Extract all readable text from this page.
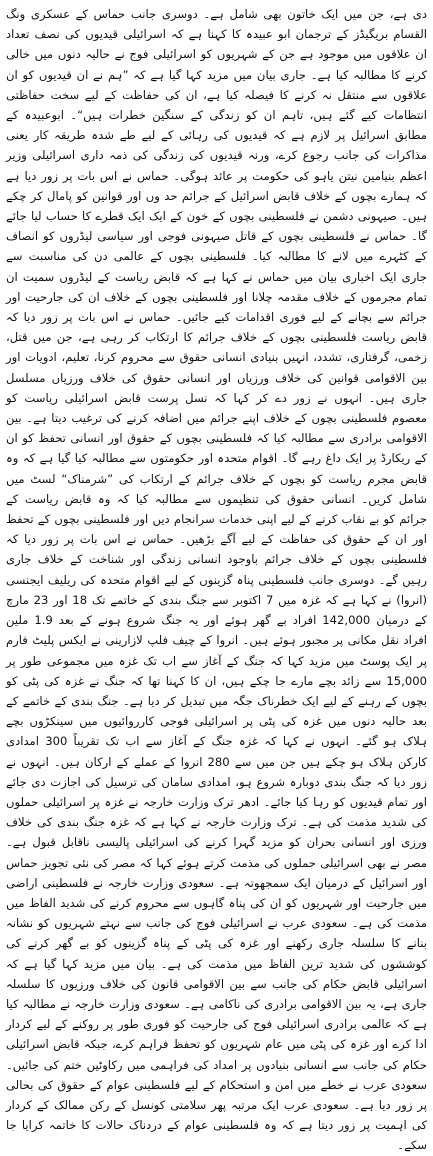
دی ہے، جن میں ایک خاتون بھی شامل ہے۔ دوسری جانب حماس کے عسکری ونگ القسام بریگیڈز کے ترجمان ابو عبیدہ کا کہنا ہے کہ اسرائیلی قیدیوں کی نصف تعداد ان علاقوں میں موجود ہے جن کے شہریوں کو اسرائیلی فوج نے حالیہ دنوں میں خالی کرنے کا مطالبہ کیا ہے۔ جاری بیان میں مزید کہا گیا ہے کہ ”ہم نے ان قیدیوں کو ان علاقوں سے منتقل نہ کرنے کا فیصلہ کیا ہے، ان کی حفاظت کے لیے سخت حفاظتی انتظامات کیے گئے ہیں، تاہم ان کو زندگی کے سنگین خطرات ہیں“۔ ابوعبیدہ کے مطابق اسرائیل پر لازم ہے کہ قیدیوں کی رہائی کے لیے طے شدہ طریقہ کار یعنی مذاکرات کی جانب رجوع کرے، ورنہ قیدیوں کی زندگی کی ذمہ داری اسرائیلی وزیر اعظم بنیامین نیتن یاہو کی حکومت پر عائد ہوگی۔ حماس نے اس بات پر زور دیا ہے کہ ہمارے بچوں کے خلاف قابض اسرائیل کے جرائم حد وں اور قوانین کو پامال کر چکے ہیں۔ صیہونی دشمن نے فلسطینی بچوں کے خون کے ایک ایک قطرے کا حساب لیا جائے گا۔ حماس نے فلسطینی بچوں کے قاتل صیہونی فوجی اور سیاسی لیڈروں کو انصاف کے کٹہرے میں لانے کا مطالبہ کیا۔ فلسطینی بچوں کے عالمی دن کی مناسبت سے جاری ایک اخباری بیان میں حماس نے کہا ہے کہ قابض ریاست کے لیڈروں سمیت ان تمام مجرموں کے خلاف مقدمہ چلانا اور فلسطینی بچوں کے خلاف ان کی جارحیت اور جرائم سے بچانے کے لیے فوری اقدامات کیے جائیں۔ حماس نے اس بات پر زور دیا کہ قابض ریاست فلسطینی بچوں کے خلاف جرائم کا ارتکاب کر رہی ہے، جن میں قتل، زخمی، گرفتاری، تشدد، انہیں بنیادی انسانی حقوق سے محروم کرنا، تعلیم، ادویات اور بین الاقوامی قوانین کی خلاف ورزیاں اور انسانی حقوق کی خلاف ورزیاں مسلسل جاری ہیں۔ انہوں نے زور دے کر کہا کہ نسل پرست قابض اسرائیلی ریاست کو معصوم فلسطینی بچوں کے خلاف اپنے جرائم میں اضافہ کرنے کی ترغیب دیتا ہے۔ بین الاقوامی برادری سے مطالبہ کیا کہ فلسطینی بچوں کے حقوق اور انسانی تحفظ کو ان کے ریکارڈ پر ایک داغ رہے گا۔ اقوام متحدہ اور حکومتوں سے مطالبہ کیا گیا ہے کہ وہ قابض مجرم ریاست کو بچوں کے خلاف جرائم کے ارتکاب کی ”شرمناک“ لسٹ میں شامل کریں۔ انسانی حقوق کی تنظیموں سے مطالبہ کیا کہ وہ قابض ریاست کے جرائم کو بے نقاب کرنے کے لیے اپنی خدمات سرانجام دیں اور فلسطینی بچوں کے تحفظ اور ان کے حقوق کی حفاظت کے لیے آگے بڑھیں۔ حماس نے اس بات پر زور دیا کہ فلسطینی بچوں کے خلاف جرائم باوجود انسانی زندگی اور شناخت کے خلاف جاری رہیں گے۔ دوسری جانب فلسطینی پناہ گزینوں کے لیے اقوام متحدہ کی ریلیف ایجنسی (انروا) نے کہا ہے کہ غزہ میں 7 اکتوبر سے جنگ بندی کے خاتمے تک 18 اور 23 مارچ کے درمیان 142,000 افراد بے گھر ہوئے اور یہ جنگ شروع ہونے کے بعد 1.9 ملین افراد نقل مکانی پر مجبور ہوئے ہیں۔ انروا کے چیف فلپ لازارینی نے ایکس پلیٹ فارم پر ایک پوسٹ میں مزید کہا کہ جنگ کے آغاز سے اب تک غزہ میں مجموعی طور پر 15,000 سے زائد بچے مارے جا چکے ہیں، ان کا کہنا تھا کہ جنگ نے غزہ کی پٹی کو بچوں کے رہنے کے لیے ایک خطرناک جگہ میں تبدیل کر دیا ہے۔ جنگ بندی کے خاتمے کے بعد حالیہ دنوں میں غزہ کی پٹی پر اسرائیلی فوجی کارروائیوں میں سینکڑوں بچے ہلاک ہو گئے۔ انہوں نے کہا کہ غزہ جنگ کے آغاز سے اب تک تقریباً 300 امدادی کارکن ہلاک ہو چکے ہیں جن میں سے 280 انروا کے عملے کے ارکان ہیں۔ انہوں نے زور دیا کہ جنگ بندی دوبارہ شروع ہو، امدادی سامان کی ترسیل کی اجازت دی جائے اور تمام قیدیوں کو رہا کیا جائے۔ ادھر ترک وزارت خارجہ نے غزہ پر اسرائیلی حملوں کی شدید مذمت کی ہے۔ ترک وزارت خارجہ نے کہا ہے کہ غزہ جنگ بندی کی خلاف ورزی اور انسانی بحران کو مزید گہرا کرنے کی اسرائیلی پالیسی ناقابل قبول ہے۔ مصر نے بھی اسرائیلی حملوں کی مذمت کرتے ہوئے کہا کہ مصر کی نئی تجویز حماس اور اسرائیل کے درمیان ایک سمجھوتہ ہے۔ سعودی وزارت خارجہ نے فلسطینی اراضی میں جارحیت اور شہریوں کو ان کی پناہ گاہوں سے محروم کرنے کی شدید الفاظ میں مذمت کی ہے۔ سعودی عرب نے اسرائیلی فوج کی جانب سے نہتے شہریوں کو نشانہ بنانے کا سلسلہ جاری رکھنے اور غزہ کی پٹی کے پناہ گزینوں کو بے گھر کرنے کی کوششوں کی شدید ترین الفاظ میں مذمت کی ہے۔ بیان میں مزید کہا گیا ہے کہ اسرائیلی قابض حکام کی جانب سے بین الاقوامی قانون کی خلاف ورزیوں کا سلسلہ جاری ہے، یہ بین الاقوامی برادری کی ناکامی ہے۔ سعودی وزارت خارجہ نے مطالبہ کیا ہے کہ عالمی برادری اسرائیلی فوج کی جارحیت کو فوری طور پر روکنے کے لیے کردار ادا کرے اور غزہ کی پٹی میں عام شہریوں کو تحفظ فراہم کرے، جبکہ قابض اسرائیلی حکام کی جانب سے انسانی بنیادوں پر امداد کی فراہمی میں رکاوٹیں ختم کی جائیں۔ سعودی عرب نے خطے میں امن و استحکام کے لیے فلسطینی عوام کے حقوق کی بحالی پر زور دیا ہے۔ سعودی عرب ایک مرتبہ پھر سلامتی کونسل کے رکن ممالک کے کردار کی اہمیت پر زور دیتا ہے کہ وہ فلسطینی عوام کے دردناک حالات کا خاتمہ کرایا جا سکے۔
